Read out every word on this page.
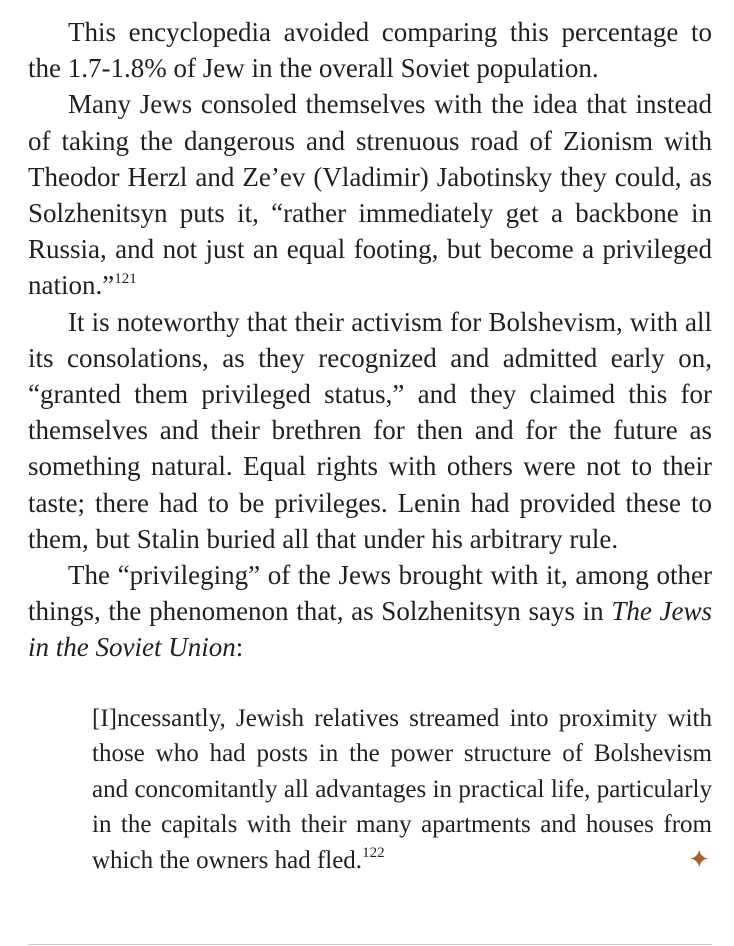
This encyclopedia avoided comparing this percentage to the 1.7-1.8% of Jew in the overall Soviet population.

Many Jews consoled themselves with the idea that instead of taking the dangerous and strenuous road of Zionism with Theodor Herzl and Ze’ev (Vladimir) Jabotinsky they could, as Solzhenitsyn puts it, “rather immediately get a backbone in Russia, and not just an equal footing, but become a privileged nation.”$^{121}$

It is noteworthy that their activism for Bolshevism, with all its consolations, as they recognized and admitted early on, “granted them privileged status,” and they claimed this for themselves and their brethren for then and for the future as something natural. Equal rights with others were not to their taste; there had to be privileges. Lenin had provided these to them, but Stalin buried all that under his arbitrary rule.

The “privileging” of the Jews brought with it, among other things, the phenomenon that, as Solzhenitsyn says in The Jews in the Soviet Union:

[I]ncessantly, Jewish relatives streamed into proximity with those who had posts in the power structure of Bolshevism and concomitantly all advantages in practical life, particularly in the capitals with their many apartments and houses from which the owners had fled.$^{122}$	✦
